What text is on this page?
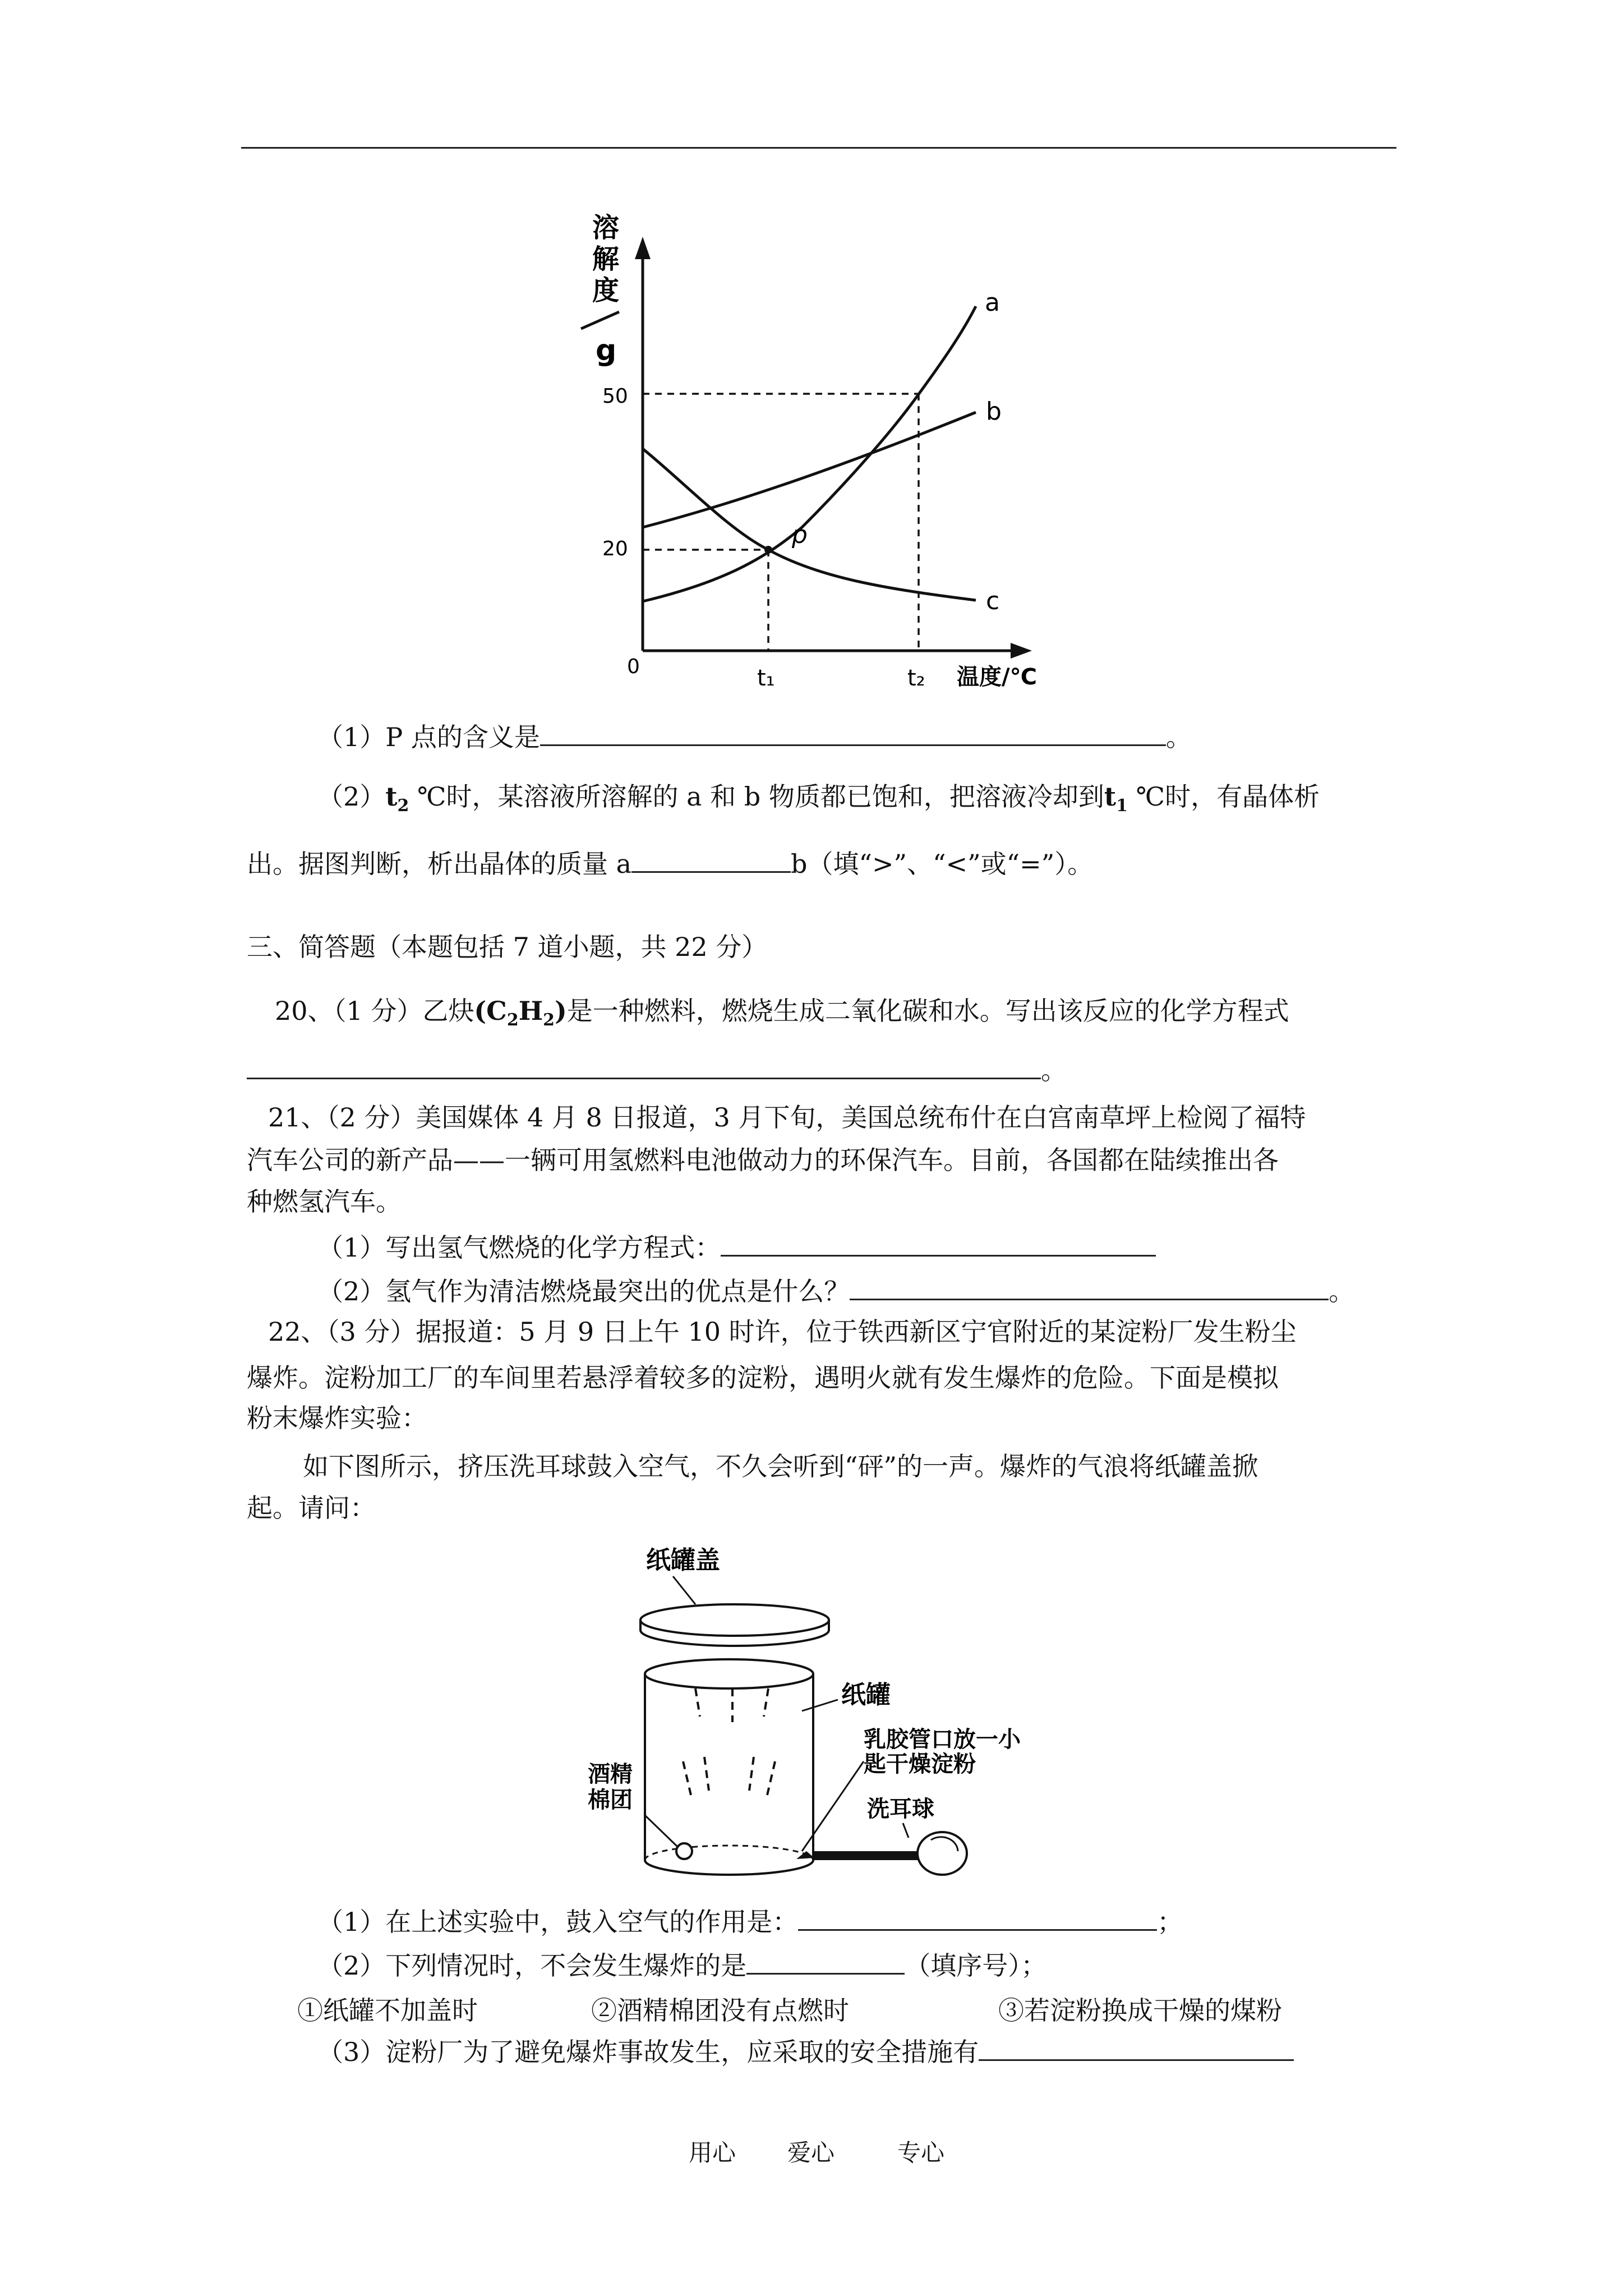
溶
解
度
g
50
20
0	t₁	t₂ 温度/℃
a
b
c
p
（1）P 点的含义是	。
$(2)t_2$ ℃时，某溶液所溶解的 a 和 b 物质都已饱和，把溶液冷却到$t_1$ ℃时，有晶体析
出。据图判断，析出晶体的质量 a	b（填“>”、“<”或“=”）。
三、简答题（本题包括 7 道小题，共 22 分）
20、（1 分）乙炔$(C_2H_2)$是一种燃料，燃烧生成二氧化碳和水。写出该反应的化学方程式
。
21、（2 分）美国媒体 4 月 8 日报道，3 月下旬，美国总统布什在白宫南草坪上检阅了福特
汽车公司的新产品——一辆可用氢燃料电池做动力的环保汽车。目前，各国都在陆续推出各
种燃氢汽车。
（1）写出氢气燃烧的化学方程式：
（2）氢气作为清洁燃烧最突出的优点是什么？	。
22、（3 分）据报道：5 月 9 日上午 10 时许，位于铁西新区宁官附近的某淀粉厂发生粉尘
爆炸。淀粉加工厂的车间里若悬浮着较多的淀粉，遇明火就有发生爆炸的危险。下面是模拟
粉末爆炸实验：
如下图所示，挤压洗耳球鼓入空气，不久会听到“砰”的一声。爆炸的气浪将纸罐盖掀
起。请问：
纸罐盖
纸罐
乳胶管口放一小
匙干燥淀粉
洗耳球
酒精
棉团
（1）在上述实验中，鼓入空气的作用是：	；
（2）下列情况时，不会发生爆炸的是	（填序号）；
①纸罐不加盖时	②酒精棉团没有点燃时	③若淀粉换成干燥的煤粉
（3）淀粉厂为了避免爆炸事故发生，应采取的安全措施有
用心 爱心	专心
